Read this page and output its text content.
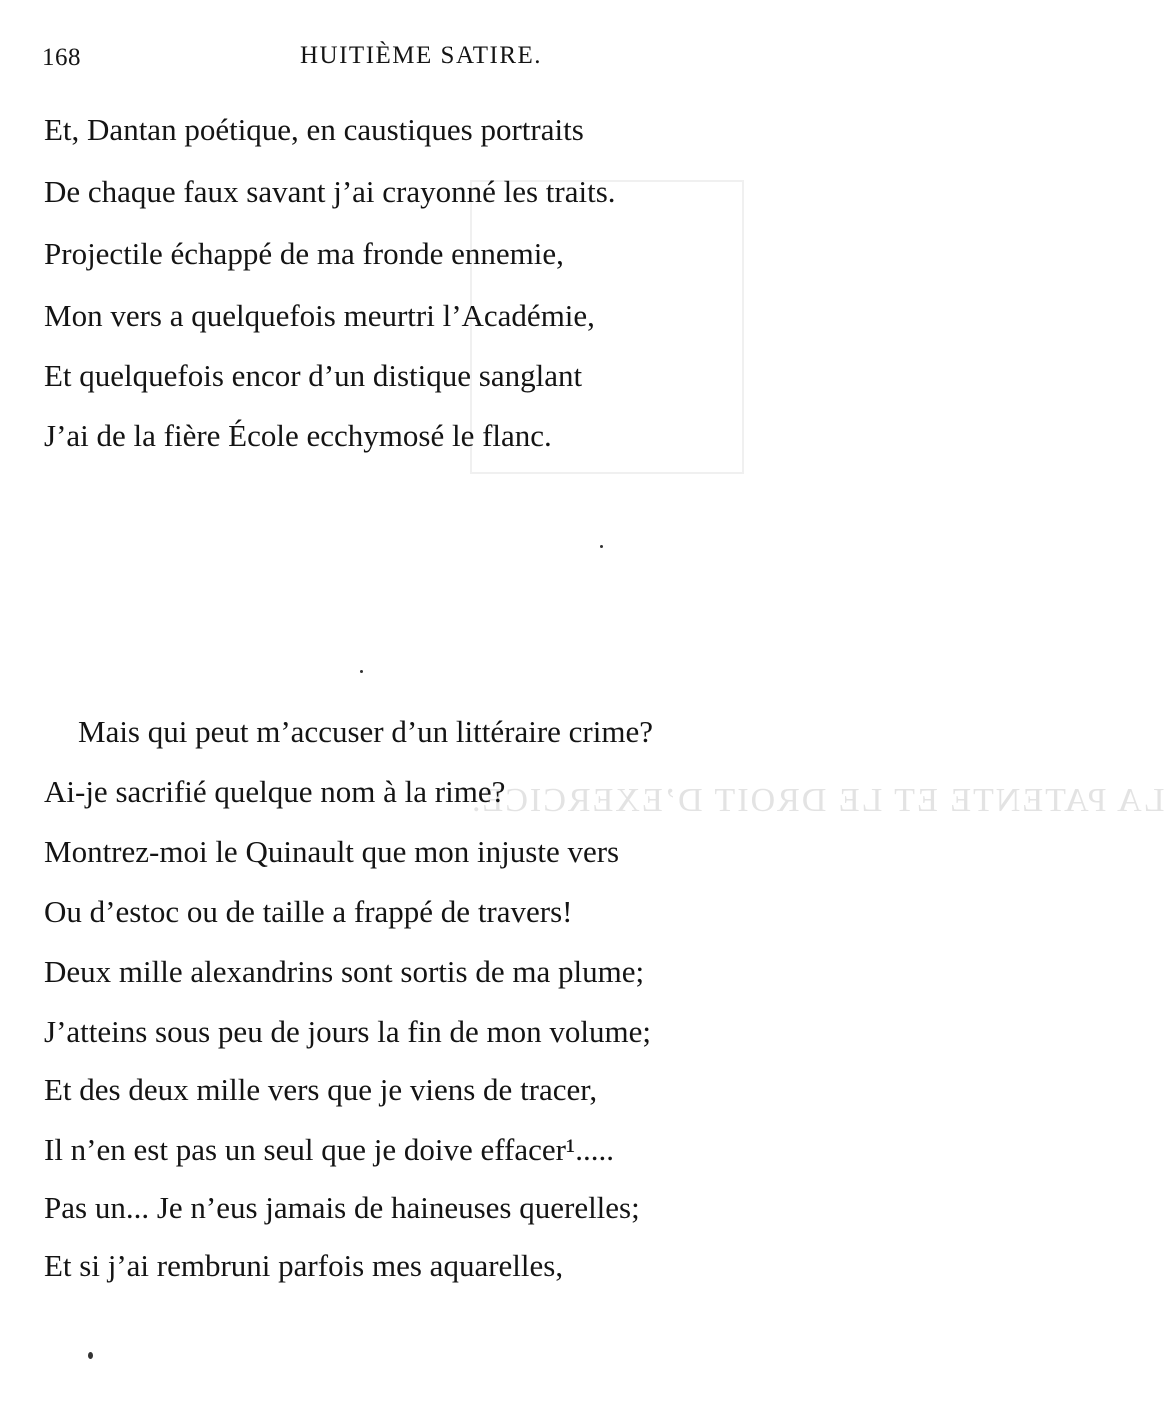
LA PATENTE ET LE DROIT D’EXERCICE.
168	HUITIÈME SATIRE.
Et, Dantan poétique, en caustiques portraits
De chaque faux savant j’ai crayonné les traits.
Projectile échappé de ma fronde ennemie,
Mon vers a quelquefois meurtri l’Académie,
Et quelquefois encor d’un distique sanglant
J’ai de la fière École ecchymosé le flanc.
Mais qui peut m’accuser d’un littéraire crime?
Ai-je sacrifié quelque nom à la rime?
Montrez-moi le Quinault que mon injuste vers
Ou d’estoc ou de taille a frappé de travers!
Deux mille alexandrins sont sortis de ma plume;
J’atteins sous peu de jours la fin de mon volume;
Et des deux mille vers que je viens de tracer,
Il n’en est pas un seul que je doive effacer¹.....
Pas un... Je n’eus jamais de haineuses querelles;
Et si j’ai rembruni parfois mes aquarelles,
